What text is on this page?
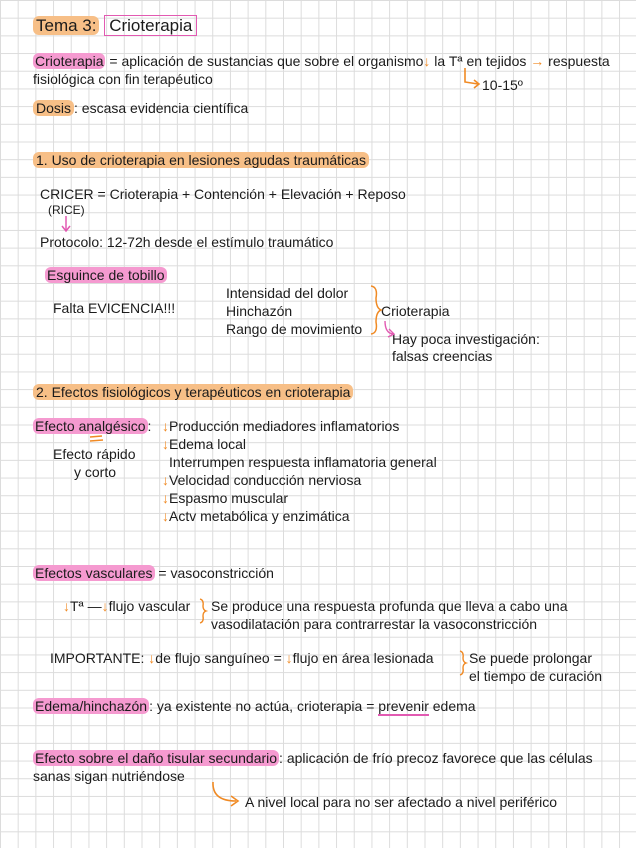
Tema 3: Crioterapia
Crioterapia = aplicación de sustancias que sobre el organismo↓ la Tª en tejidos → respuesta
fisiológica con fin terapéutico	10-15º
Dosis : escasa evidencia científica
1. Uso de crioterapia en lesiones agudas traumáticas
CRICER = Crioterapia + Contención + Elevación + Reposo
(RICE)
Protocolo: 12-72h desde el estímulo traumático
Esguince de tobillo
Falta EVICENCIA!!!
Intensidad del dolor
Hinchazón
Rango de movimiento
Crioterapia
Hay poca investigación:
falsas creencias
2. Efectos fisiológicos y terapéuticos en crioterapia
Efecto analgésico :
Efecto rápido
y corto
↓Producción mediadores inflamatorios
↓Edema local
Interrumpen respuesta inflamatoria general
↓Velocidad conducción nerviosa
↓Espasmo muscular
↓Actv metabólica y enzimática
Efectos vasculares = vasoconstricción
↓Tª —↓flujo vascular Se produce una respuesta profunda que lleva a cabo una
vasodilatación para contrarrestar la vasoconstricción
IMPORTANTE: ↓de flujo sanguíneo = ↓flujo en área lesionada	Se puede prolongar
el tiempo de curación
Edema/hinchazón : ya existente no actúa, crioterapia = prevenir edema
Efecto sobre el daño tisular secundario : aplicación de frío precoz favorece que las células
sanas sigan nutriéndose
A nivel local para no ser afectado a nivel periférico
